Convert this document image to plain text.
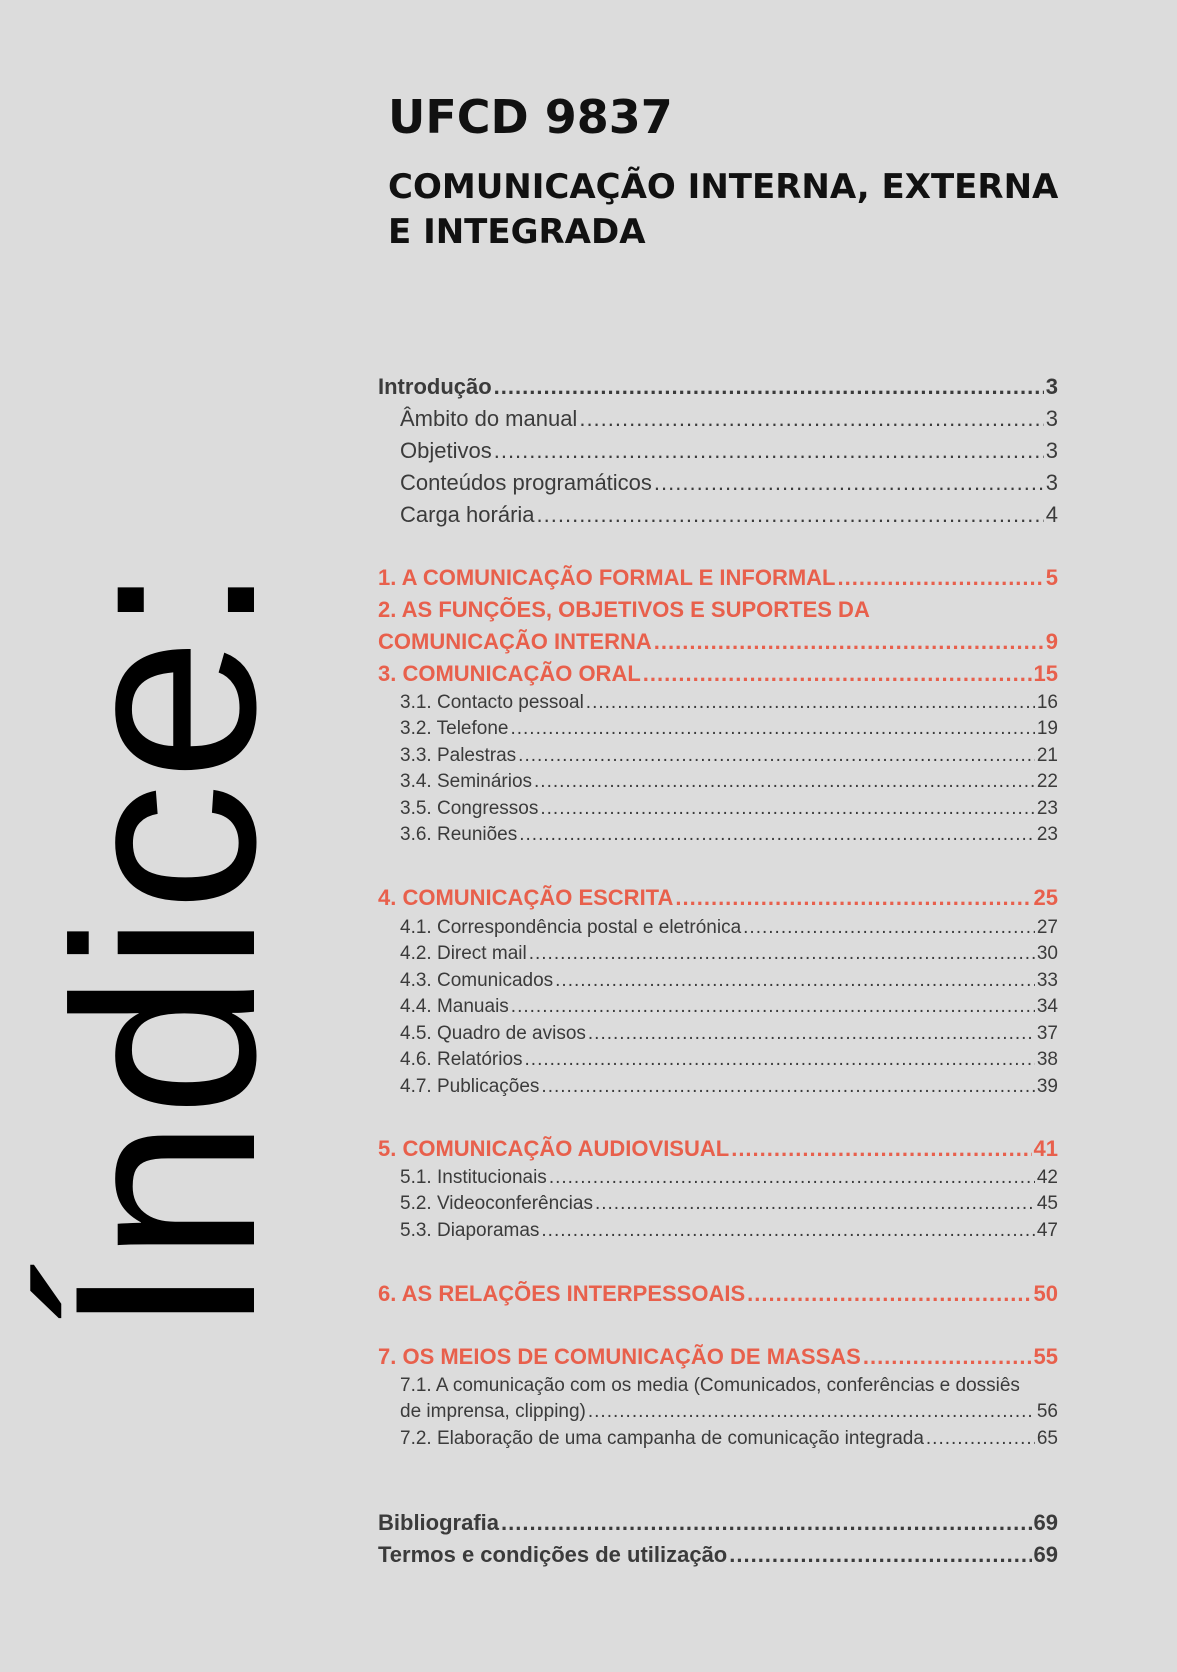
Índice:
UFCD 9837
COMUNICAÇÃO INTERNA, EXTERNA E INTEGRADA
Introdução .....	3
Âmbito do manual .....	3
Objetivos .....	3
Conteúdos programáticos .....	3
Carga horária .....	4
1. A COMUNICAÇÃO FORMAL E INFORMAL .....	5
2. AS FUNÇÕES, OBJETIVOS E SUPORTES DA
COMUNICAÇÃO INTERNA .....	9
3. COMUNICAÇÃO ORAL .....	15
3.1. Contacto pessoal .....	16
3.2. Telefone .....	19
3.3. Palestras .....	21
3.4. Seminários .....	22
3.5. Congressos .....	23
3.6. Reuniões .....	23
4. COMUNICAÇÃO ESCRITA .....	25
4.1. Correspondência postal e eletrónica .....	27
4.2. Direct mail .....	30
4.3. Comunicados .....	33
4.4. Manuais .....	34
4.5. Quadro de avisos .....	37
4.6. Relatórios .....	38
4.7. Publicações .....	39
5. COMUNICAÇÃO AUDIOVISUAL .....	41
5.1. Institucionais .....	42
5.2. Videoconferências .....	45
5.3. Diaporamas .....	47
6. AS RELAÇÕES INTERPESSOAIS .....	50
7. OS MEIOS DE COMUNICAÇÃO DE MASSAS .....	55
7.1. A comunicação com os media (Comunicados, conferências e dossiês
de imprensa, clipping) .....	56
7.2. Elaboração de uma campanha de comunicação integrada .....	65
Bibliografia .....	69
Termos e condições de utilização .....	69
